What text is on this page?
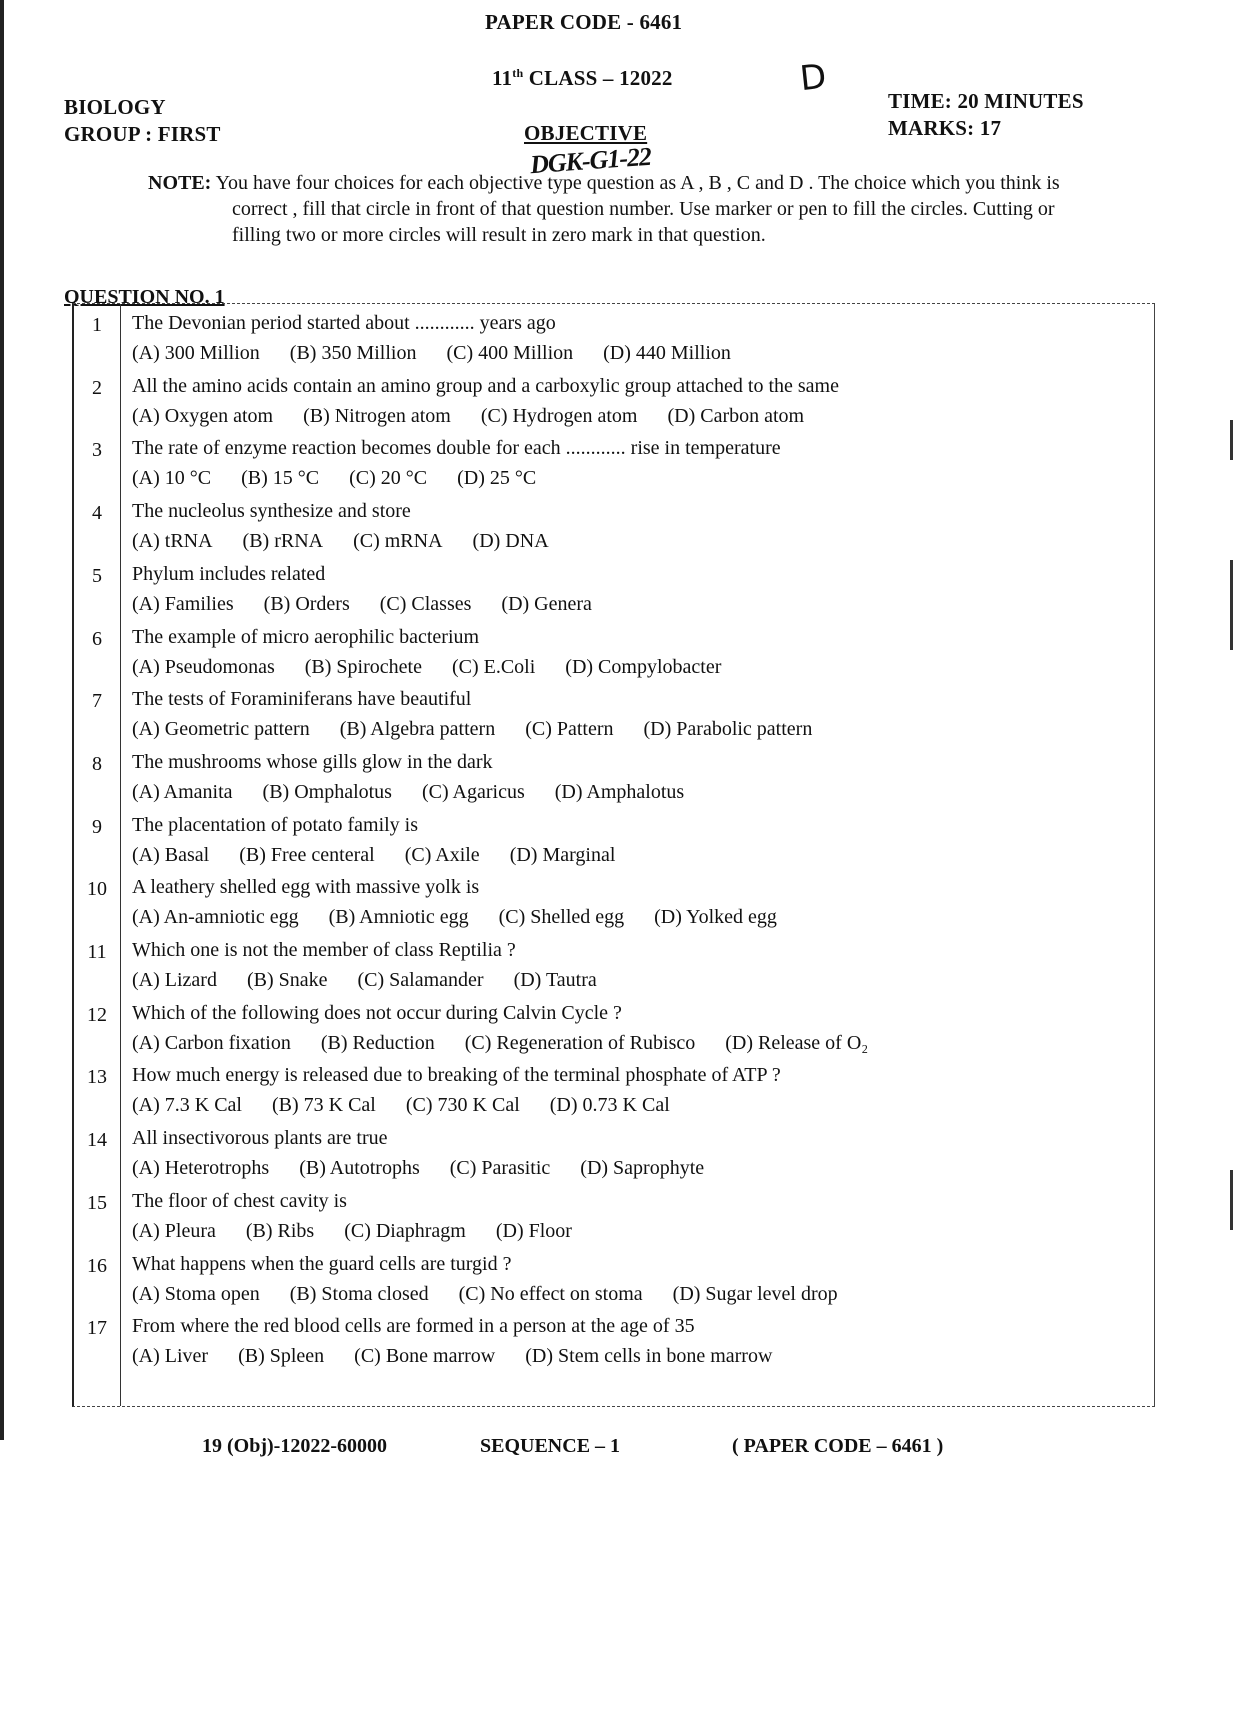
PAPER CODE - 6461
11th CLASS – 12022	D
BIOLOGY
GROUP : FIRST	OBJECTIVE
TIME: 20 MINUTES
MARKS: 17
DGK-G1-22
NOTE: You have four choices for each objective type question as A , B , C and D . The choice which you think is correct , fill that circle in front of that question number. Use marker or pen to fill the circles. Cutting or filling two or more circles will result in zero mark in that question.
QUESTION NO. 1
1	The Devonian period started about ............ years ago
(A) 300 Million (B) 350 Million (C) 400 Million (D) 440 Million
2	All the amino acids contain an amino group and a carboxylic group attached to the same
(A) Oxygen atom (B) Nitrogen atom (C) Hydrogen atom (D) Carbon atom
3	The rate of enzyme reaction becomes double for each ............ rise in temperature
(A) 10 °C (B) 15 °C (C) 20 °C (D) 25 °C
4	The nucleolus synthesize and store
(A) tRNA (B) rRNA (C) mRNA (D) DNA
5	Phylum includes related
(A) Families (B) Orders (C) Classes (D) Genera
6	The example of micro aerophilic bacterium
(A) Pseudomonas (B) Spirochete (C) E.Coli (D) Compylobacter
7	The tests of Foraminiferans have beautiful
(A) Geometric pattern (B) Algebra pattern (C) Pattern (D) Parabolic pattern
8	The mushrooms whose gills glow in the dark
(A) Amanita (B) Omphalotus (C) Agaricus (D) Amphalotus
9	The placentation of potato family is
(A) Basal (B) Free centeral (C) Axile (D) Marginal
10	A leathery shelled egg with massive yolk is
(A) An-amniotic egg (B) Amniotic egg (C) Shelled egg (D) Yolked egg
11	Which one is not the member of class Reptilia ?
(A) Lizard (B) Snake (C) Salamander (D) Tautra
12	Which of the following does not occur during Calvin Cycle ?
(A) Carbon fixation (B) Reduction (C) Regeneration of Rubisco (D) Release of O₂
13	How much energy is released due to breaking of the terminal phosphate of ATP ?
(A) 7.3 K Cal (B) 73 K Cal (C) 730 K Cal (D) 0.73 K Cal
14	All insectivorous plants are true
(A) Heterotrophs (B) Autotrophs (C) Parasitic (D) Saprophyte
15	The floor of chest cavity is
(A) Pleura (B) Ribs (C) Diaphragm (D) Floor
16	What happens when the guard cells are turgid ?
(A) Stoma open (B) Stoma closed (C) No effect on stoma (D) Sugar level drop
17	From where the red blood cells are formed in a person at the age of 35
(A) Liver (B) Spleen (C) Bone marrow (D) Stem cells in bone marrow
19 (Obj)-12022-60000	SEQUENCE – 1	( PAPER CODE – 6461 )
